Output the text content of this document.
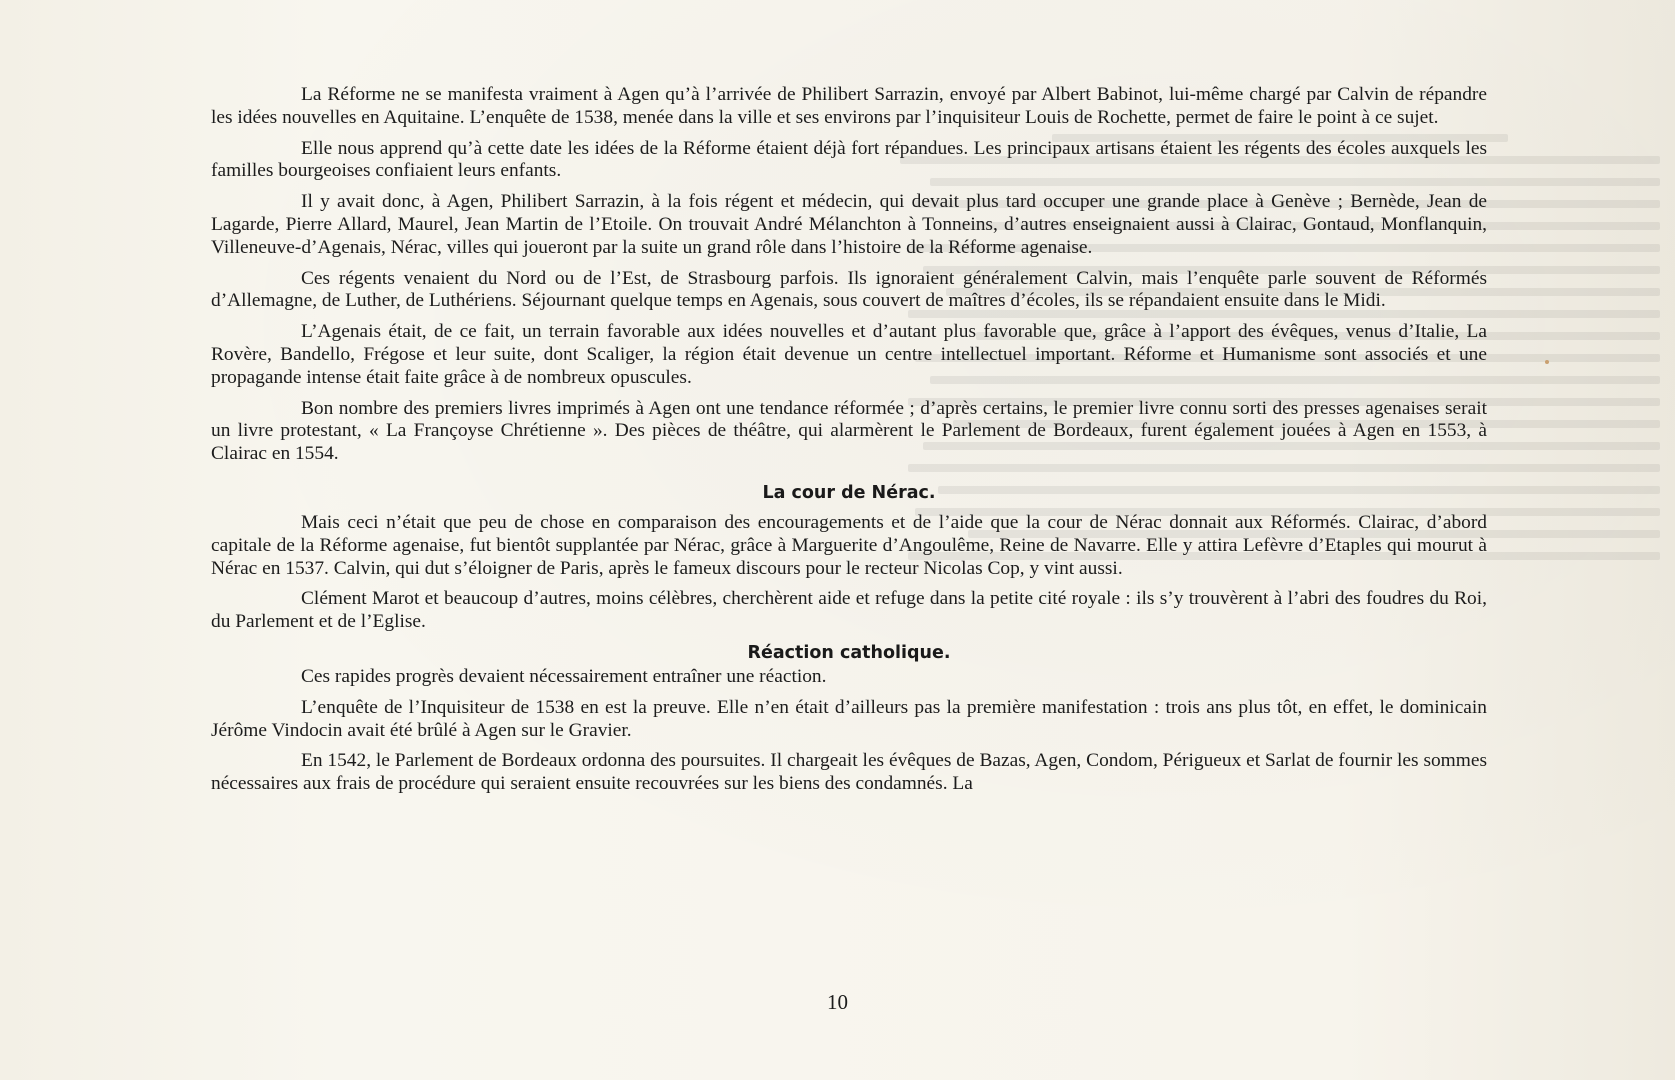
La Réforme ne se manifesta vraiment à Agen qu’à l’arrivée de Philibert Sarrazin, envoyé par Albert Babinot, lui-même chargé par Calvin de répandre les idées nouvelles en Aquitaine. L’enquête de 1538, menée dans la ville et ses environs par l’inquisiteur Louis de Rochette, permet de faire le point à ce sujet.

Elle nous apprend qu’à cette date les idées de la Réforme étaient déjà fort répandues. Les principaux artisans étaient les régents des écoles auxquels les familles bourgeoises confiaient leurs enfants.

Il y avait donc, à Agen, Philibert Sarrazin, à la fois régent et médecin, qui devait plus tard occuper une grande place à Genève ; Bernède, Jean de Lagarde, Pierre Allard, Maurel, Jean Martin de l’Etoile. On trouvait André Mélanchton à Tonneins, d’autres enseignaient aussi à Clairac, Gontaud, Monflanquin, Villeneuve-d’Agenais, Nérac, villes qui joueront par la suite un grand rôle dans l’histoire de la Réforme agenaise.

Ces régents venaient du Nord ou de l’Est, de Strasbourg parfois. Ils ignoraient généralement Calvin, mais l’enquête parle souvent de Réformés d’Allemagne, de Luther, de Luthériens. Séjournant quelque temps en Agenais, sous couvert de maîtres d’écoles, ils se répandaient ensuite dans le Midi.

L’Agenais était, de ce fait, un terrain favorable aux idées nouvelles et d’autant plus favorable que, grâce à l’apport des évêques, venus d’Italie, La Rovère, Bandello, Frégose et leur suite, dont Scaliger, la région était devenue un centre intellectuel important. Réforme et Humanisme sont associés et une propagande intense était faite grâce à de nombreux opuscules.

Bon nombre des premiers livres imprimés à Agen ont une tendance réformée ; d’après certains, le premier livre connu sorti des presses agenaises serait un livre protestant, « La Françoyse Chrétienne ». Des pièces de théâtre, qui alarmèrent le Parlement de Bordeaux, furent également jouées à Agen en 1553, à Clairac en 1554.

La cour de Nérac.

Mais ceci n’était que peu de chose en comparaison des encouragements et de l’aide que la cour de Nérac donnait aux Réformés. Clairac, d’abord capitale de la Réforme agenaise, fut bientôt supplantée par Nérac, grâce à Marguerite d’Angoulême, Reine de Navarre. Elle y attira Lefèvre d’Etaples qui mourut à Nérac en 1537. Calvin, qui dut s’éloigner de Paris, après le fameux discours pour le recteur Nicolas Cop, y vint aussi.

Clément Marot et beaucoup d’autres, moins célèbres, cherchèrent aide et refuge dans la petite cité royale : ils s’y trouvèrent à l’abri des foudres du Roi, du Parlement et de l’Eglise.

Réaction catholique.

Ces rapides progrès devaient nécessairement entraîner une réaction.

L’enquête de l’Inquisiteur de 1538 en est la preuve. Elle n’en était d’ailleurs pas la première manifestation : trois ans plus tôt, en effet, le dominicain Jérôme Vindocin avait été brûlé à Agen sur le Gravier.

En 1542, le Parlement de Bordeaux ordonna des poursuites. Il chargeait les évêques de Bazas, Agen, Condom, Périgueux et Sarlat de fournir les sommes nécessaires aux frais de procédure qui seraient ensuite recouvrées sur les biens des condamnés. La

10
